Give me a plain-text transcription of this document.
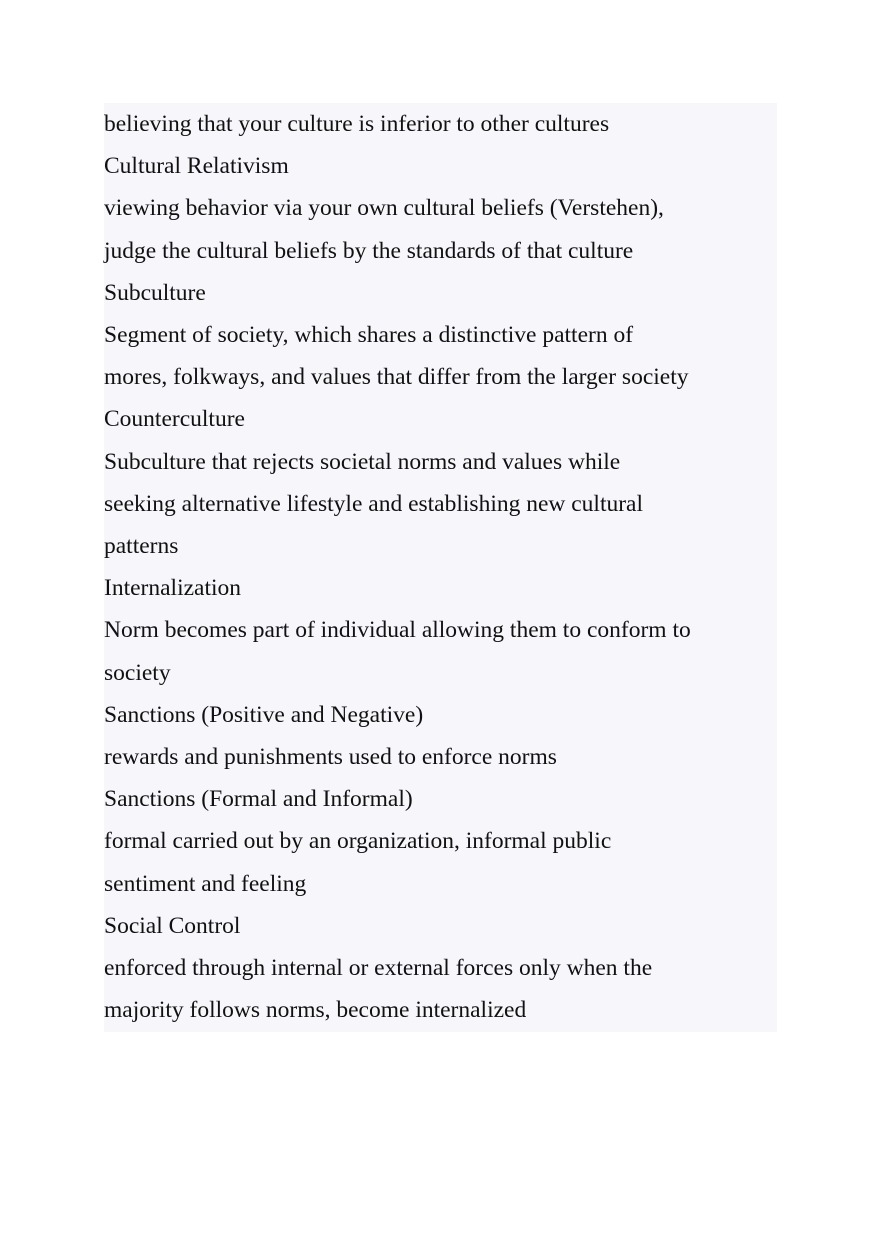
believing that your culture is inferior to other cultures

Cultural Relativism

viewing behavior via your own cultural beliefs (Verstehen),

judge the cultural beliefs by the standards of that culture

Subculture

Segment of society, which shares a distinctive pattern of

mores, folkways, and values that differ from the larger society

Counterculture

Subculture that rejects societal norms and values while

seeking alternative lifestyle and establishing new cultural

patterns

Internalization

Norm becomes part of individual allowing them to conform to

society

Sanctions (Positive and Negative)

rewards and punishments used to enforce norms

Sanctions (Formal and Informal)

formal carried out by an organization, informal public

sentiment and feeling

Social Control

enforced through internal or external forces only when the

majority follows norms, become internalized
